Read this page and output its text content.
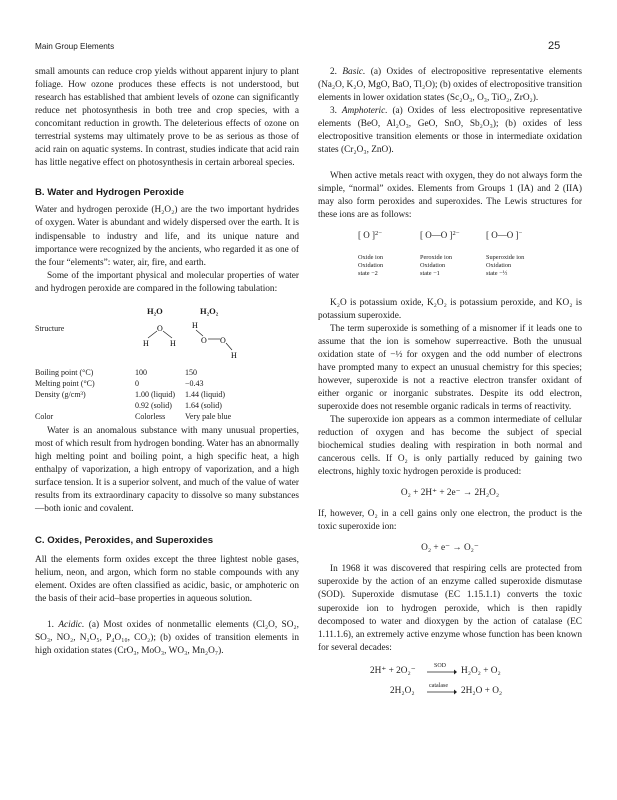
Main Group Elements	25

small amounts can reduce crop yields without apparent injury to plant foliage. How ozone produces these effects is not understood, but research has established that ambient levels of ozone can significantly reduce net photosynthesis in both tree and crop species, with a concomitant reduction in growth. The deleterious effects of ozone on terrestrial systems may ultimately prove to be as serious as those of acid rain on aquatic systems. In contrast, studies indicate that acid rain has little negative effect on photosynthesis in certain arboreal species.

B. Water and Hydrogen Peroxide

Water and hydrogen peroxide (H₂O₂) are the two important hydrides of oxygen. Water is abundant and widely dispersed over the earth. It is indispensable to industry and life, and its unique nature and importance were recognized by the ancients, who regarded it as one of the four “elements”: water, air, fire, and earth.

Some of the important physical and molecular properties of water and hydrogen peroxide are compared in the following tabulation:

H₂O	H₂O₂
Structure	O
H	H
H
O O
H
Boiling point (°C)	100	150
Melting point (°C)	0	−0.43
Density (g/cm³)	1.00 (liquid) 1.44 (liquid)
0.92 (solid) 1.64 (solid)
Color	Colorless Very pale blue

Water is an anomalous substance with many unusual properties, most of which result from hydrogen bonding. Water has an abnormally high melting point and boiling point, a high specific heat, a high enthalpy of vaporization, a high entropy of vaporization, and a high surface tension. It is a superior solvent, and much of the value of water results from its extraordinary capacity to dissolve so many substances—both ionic and covalent.

C. Oxides, Peroxides, and Superoxides

All the elements form oxides except the three lightest noble gases, helium, neon, and argon, which form no stable compounds with any element. Oxides are often classified as acidic, basic, or amphoteric on the basis of their acid–base properties in aqueous solution.

1. Acidic. (a) Most oxides of nonmetallic elements (Cl₂O, SO₂, SO₃, NO₂, N₂O₅, P₄O₁₀, CO₂); (b) oxides of transition elements in high oxidation states (CrO₃, MoO₃, WO₃, Mn₂O₇).

2. Basic. (a) Oxides of electropositive representative elements (Na₂O, K₂O, MgO, BaO, Tl₂O); (b) oxides of electropositive transition elements in lower oxidation states (Sc₂O₃, O₃, TiO₂, ZrO₂).

3. Amphoteric. (a) Oxides of less electropositive representative elements (BeO, Al₂O₃, GeO, SnO, Sb₂O₃); (b) oxides of less electropositive transition elements or those in intermediate oxidation states (Cr₂O₃, ZnO).

When active metals react with oxygen, they do not always form the simple, “normal” oxides. Elements from Groups 1 (IA) and 2 (IIA) may also form peroxides and superoxides. The Lewis structures for these ions are as follows:

[ O ]$^{2-}$
Oxide ion
Oxidation
state −2
[ O—O ]$^{2-}$
Peroxide ion
Oxidation
state −1
[ O—O ]−
Superoxide ion
Oxidation
state −½

K₂O is potassium oxide, K₂O₂ is potassium peroxide, and KO₂ is potassium superoxide.

The term superoxide is something of a misnomer if it leads one to assume that the ion is somehow superreactive. Both the unusual oxidation state of −½ for oxygen and the odd number of electrons have prompted many to expect an unusual chemistry for this species; however, superoxide is not a reactive electron transfer oxidant of either organic or inorganic substrates. Despite its odd electron, superoxide does not resemble organic radicals in terms of reactivity.

The superoxide ion appears as a common intermediate of cellular reduction of oxygen and has become the subject of special biochemical studies dealing with respiration in both normal and cancerous cells. If O₂ is only partially reduced by gaining two electrons, highly toxic hydrogen peroxide is produced:

O₂ + 2H⁺ + 2e⁻ → 2H₂O₂

If, however, O₂ in a cell gains only one electron, the product is the toxic superoxide ion:

O₂ + e⁻ → O₂⁻

In 1968 it was discovered that respiring cells are protected from superoxide by the action of an enzyme called superoxide dismutase (SOD). Superoxide dismutase (EC 1.15.1.1) converts the toxic superoxide ion to hydrogen peroxide, which is then rapidly decomposed to water and dioxygen by the action of catalase (EC 1.11.1.6), an extremely active enzyme whose function has been known for several decades:

2H⁺ + 2O₂⁻	SOD → H₂O₂ + O₂
2H₂O₂ catalase → 2H₂O + O₂
